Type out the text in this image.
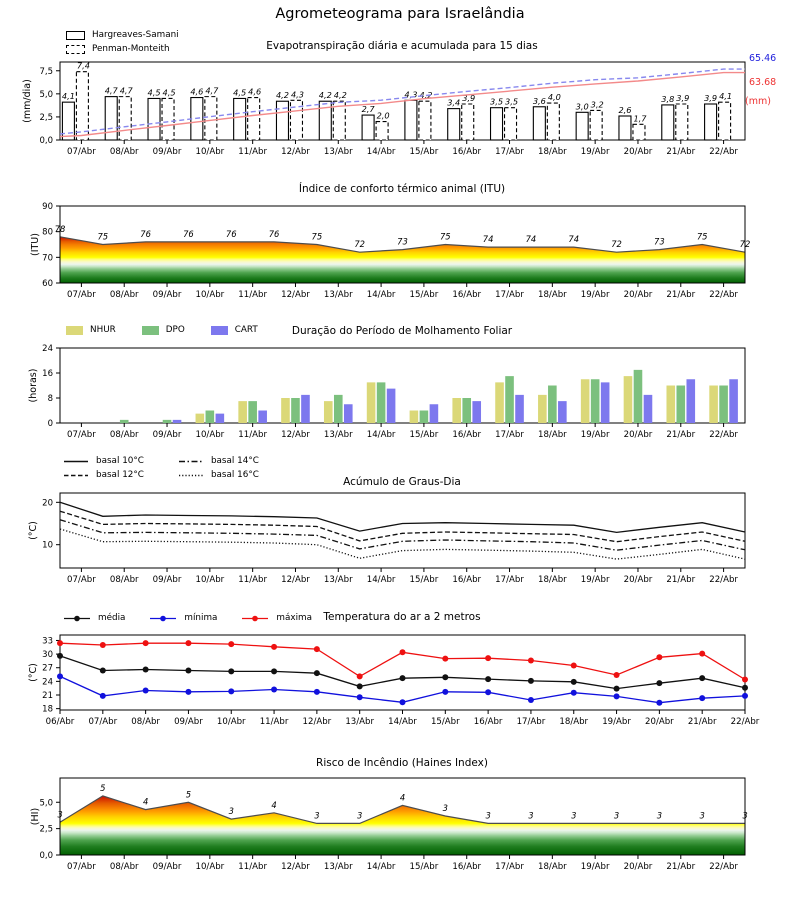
0,0
2,5
5,0
7,5
07/Abr 08/Abr 09/Abr 10/Abr 11/Abr 12/Abr 13/Abr 14/Abr 15/Abr 16/Abr 17/Abr 18/Abr 19/Abr 20/Abr 21/Abr 22/Abr
(mm/dia)	4,1
7,4
4,7 4,7 4,5 4,5 4,6 4,7 4,5 4,6 4,2 4,3 4,2 4,2
2,7
2,0
4,3 4,2
3,4 3,9 3,5 3,5 3,6 4,0
3,0 3,2
2,6
1,7
3,8 3,9 3,9 4,1
60
70
80
90
07/Abr 08/Abr 09/Abr 10/Abr 11/Abr 12/Abr 13/Abr 14/Abr 15/Abr 16/Abr 17/Abr 18/Abr 19/Abr 20/Abr 21/Abr 22/Abr
(ITU)
78
75	76	76	76	76	75
72	73
75	74	74	74
72	73
75
72
0
8
16
24
07/Abr 08/Abr 09/Abr 10/Abr 11/Abr 12/Abr 13/Abr 14/Abr 15/Abr 16/Abr 17/Abr 18/Abr 19/Abr 20/Abr 21/Abr 22/Abr
(horas)
10
20
07/Abr 08/Abr 09/Abr 10/Abr 11/Abr 12/Abr 13/Abr 14/Abr 15/Abr 16/Abr 17/Abr 18/Abr 19/Abr 20/Abr 21/Abr 22/Abr
(°C)
18
21
24
27
30
33
06/Abr 07/Abr 08/Abr 09/Abr 10/Abr 11/Abr 12/Abr 13/Abr 14/Abr 15/Abr 16/Abr 17/Abr 18/Abr 19/Abr 20/Abr 21/Abr 22/Abr
(°C)
0,0
2,5
5,0
07/Abr 08/Abr 09/Abr 10/Abr 11/Abr 12/Abr 13/Abr 14/Abr 15/Abr 16/Abr 17/Abr 18/Abr 19/Abr 20/Abr 21/Abr 22/Abr
(HI) 3
5
4
5
3
4
3	3
4
3
3	3	3	3	3	3	3
Agrometeograma para Israelândia
Hargreaves-Samani
Penman-Monteith	Evapotranspiração diária e acumulada para 15 dias
65.46
63.68
(mm)
Índice de conforto térmico animal (ITU)
NHUR	DPO	CART	Duração do Período de Molhamento Foliar
basal 10°C	basal 14°C
basal 12°C	basal 16°C
Acúmulo de Graus-Dia
média	mínima	máxima	Temperatura do ar a 2 metros
Risco de Incêndio (Haines Index)
